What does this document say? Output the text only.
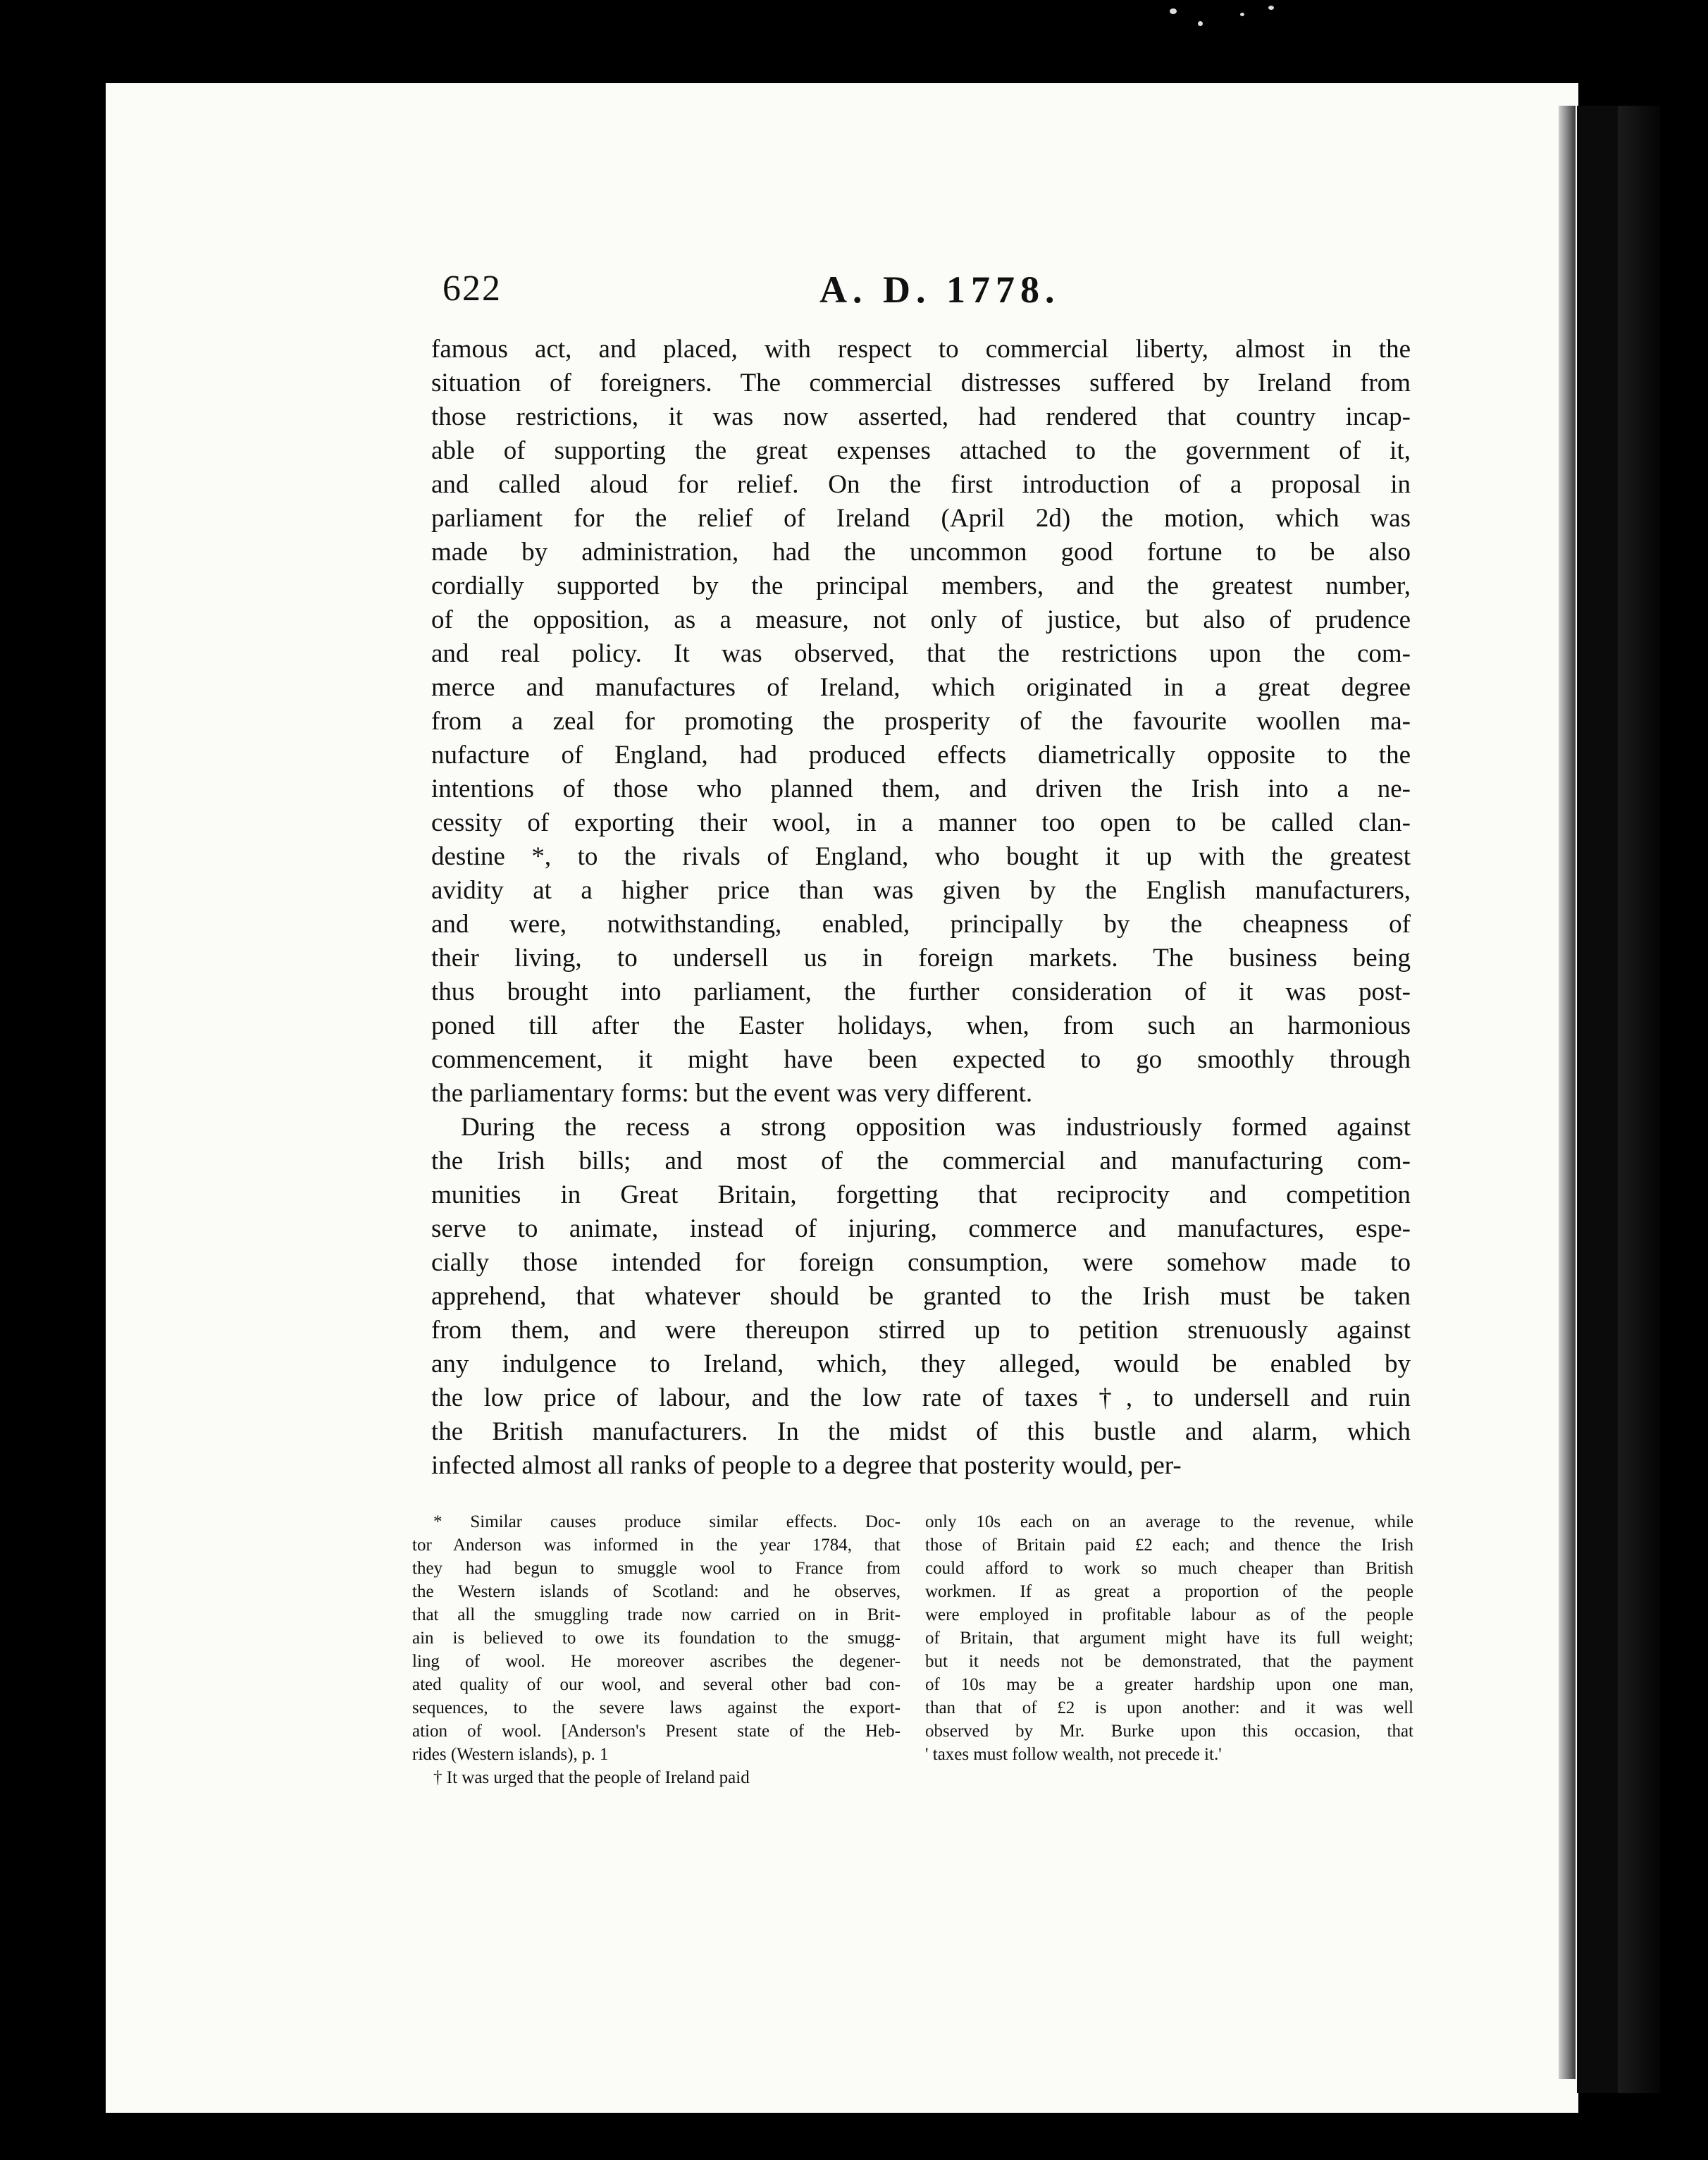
622	A. D. 1778.
famous act, and placed, with respect to commercial liberty, almost in the
situation of foreigners. The commercial distresses suffered by Ireland from
those restrictions, it was now asserted, had rendered that country incap-
able of supporting the great expenses attached to the government of it,
and called aloud for relief. On the first introduction of a proposal in
parliament for the relief of Ireland (April 2d) the motion, which was
made by administration, had the uncommon good fortune to be also
cordially supported by the principal members, and the greatest number,
of the opposition, as a measure, not only of justice, but also of prudence
and real policy. It was observed, that the restrictions upon the com-
merce and manufactures of Ireland, which originated in a great degree
from a zeal for promoting the prosperity of the favourite woollen ma-
nufacture of England, had produced effects diametrically opposite to the
intentions of those who planned them, and driven the Irish into a ne-
cessity of exporting their wool, in a manner too open to be called clan-
destine *, to the rivals of England, who bought it up with the greatest
avidity at a higher price than was given by the English manufacturers,
and were, notwithstanding, enabled, principally by the cheapness of
their living, to undersell us in foreign markets. The business being
thus brought into parliament, the further consideration of it was post-
poned till after the Easter holidays, when, from such an harmonious
commencement, it might have been expected to go smoothly through
the parliamentary forms: but the event was very different.
During the recess a strong opposition was industriously formed against
the Irish bills; and most of the commercial and manufacturing com-
munities in Great Britain, forgetting that reciprocity and competition
serve to animate, instead of injuring, commerce and manufactures, espe-
cially those intended for foreign consumption, were somehow made to
apprehend, that whatever should be granted to the Irish must be taken
from them, and were thereupon stirred up to petition strenuously against
any indulgence to Ireland, which, they alleged, would be enabled by
the low price of labour, and the low rate of taxes †, to undersell and ruin
the British manufacturers. In the midst of this bustle and alarm, which
infected almost all ranks of people to a degree that posterity would, per-
* Similar causes produce similar effects. Doc-
tor Anderson was informed in the year 1784, that
they had begun to smuggle wool to France from
the Western islands of Scotland: and he observes,
that all the smuggling trade now carried on in Brit-
ain is believed to owe its foundation to the smugg-
ling of wool. He moreover ascribes the degener-
ated quality of our wool, and several other bad con-
sequences, to the severe laws against the export-
ation of wool. [Anderson's Present state of the Heb-
rides (Western islands), p. 1
† It was urged that the people of Ireland paid
only 10s each on an average to the revenue, while
those of Britain paid £2 each; and thence the Irish
could afford to work so much cheaper than British
workmen. If as great a proportion of the people
were employed in profitable labour as of the people
of Britain, that argument might have its full weight;
but it needs not be demonstrated, that the payment
of 10s may be a greater hardship upon one man,
than that of £2 is upon another: and it was well
observed by Mr. Burke upon this occasion, that
' taxes must follow wealth, not precede it.'
